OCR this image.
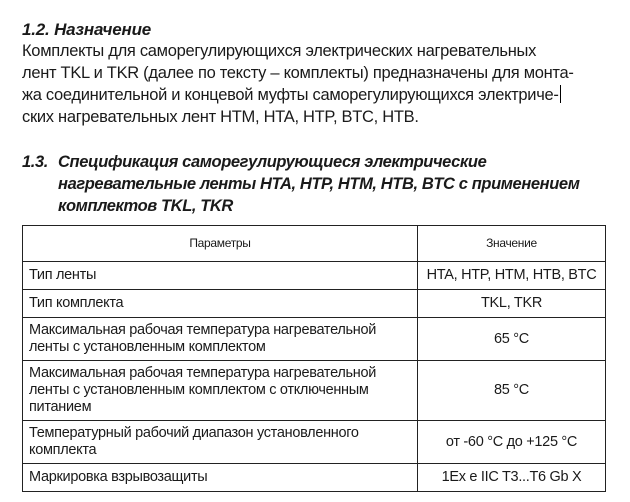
1.2. Назначение
Комплекты для саморегулирующихся электрических нагревательных
лент TKL и TKR (далее по тексту – комплекты) предназначены для монта-
жа соединительной и концевой муфты саморегулирующихся электриче-
ских нагревательных лент HTM, HTA, HTP, BTC, HTB.
1.3. Спецификация саморегулирующиеся электрические
нагревательные ленты HTA, HTP, HTM, HTB, BTC с применением
комплектов TKL, TKR
Параметры	Значение
Тип ленты	HTA, HTP, HTM, HTB, BTC
Тип комплекта	TKL, TKR
Максимальная рабочая температура нагревательной ленты с установленным комплектом	65 °C
Максимальная рабочая температура нагревательной ленты с установленным комплектом с отключенным питанием	85 °C
Температурный рабочий диапазон установленного комплекта	от -60 °C до +125 °C
Маркировка взрывозащиты	1Ex e IIC T3...T6 Gb X
